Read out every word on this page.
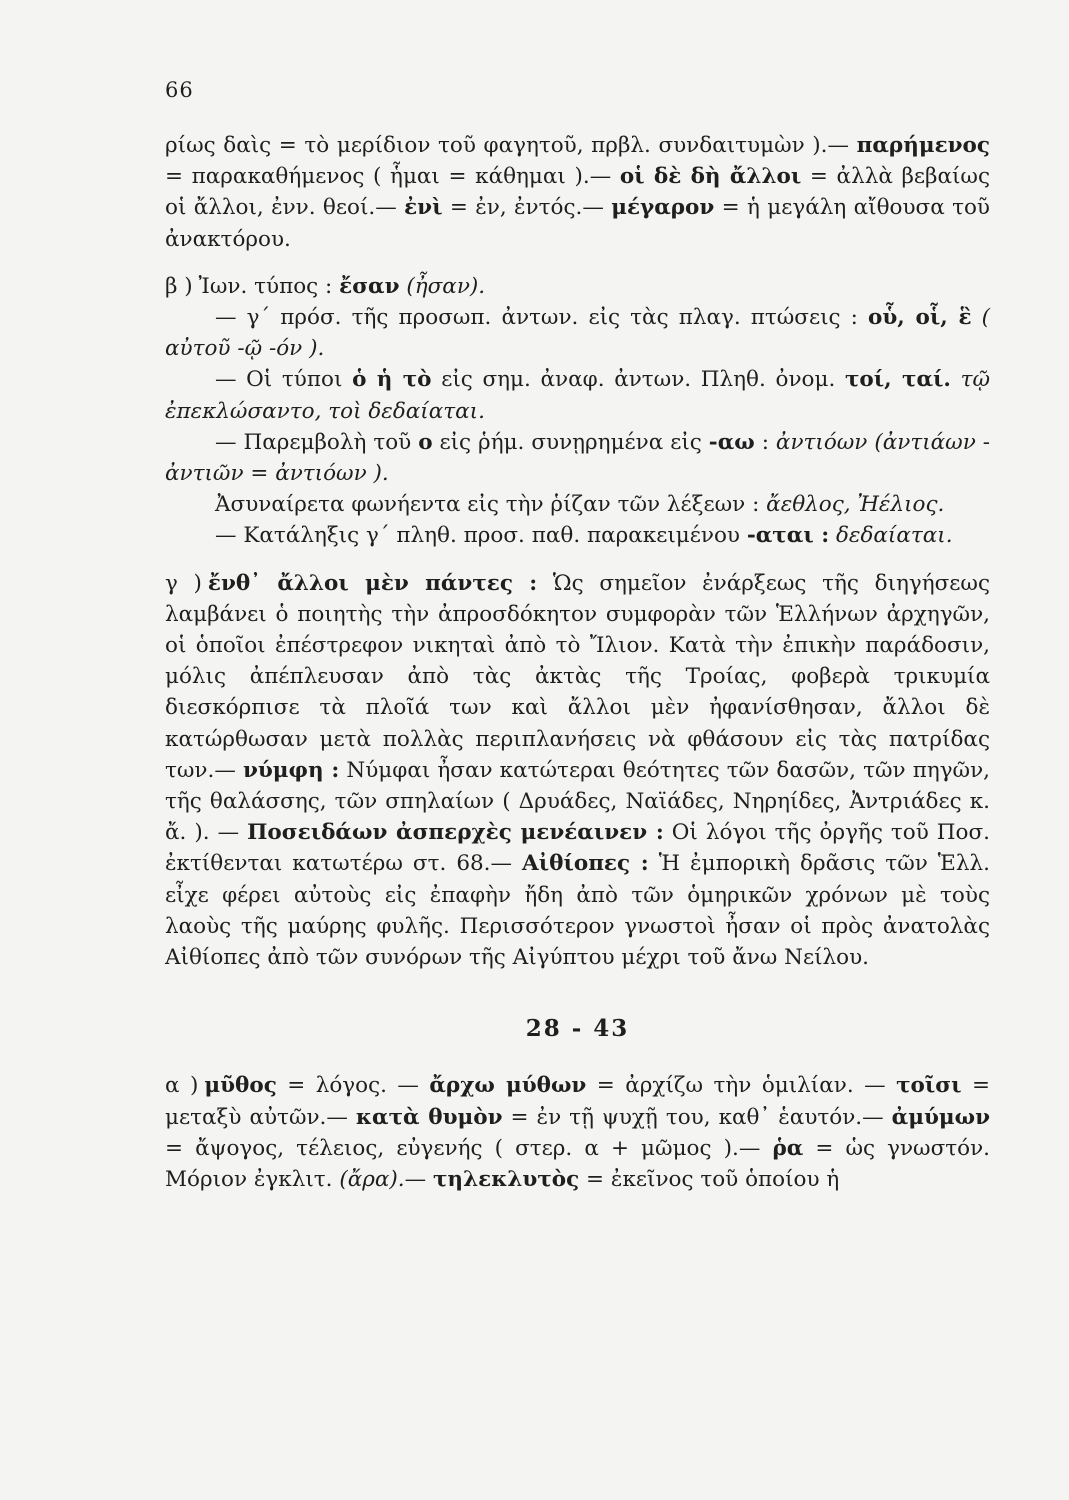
66

ρίως δαὶς = τὸ μερίδιον τοῦ φαγητοῦ, πρβλ. συνδαιτυμὼν ).— παρήμενος = παρακαθήμενος ( ἧμαι = κάθημαι ).— οἱ δὲ δὴ ἄλλοι = ἀλλὰ βεβαίως οἱ ἄλλοι, ἐνν. θεοί.— ἐνὶ = ἐν, ἐντός.— μέγαρον = ἡ μεγάλη αἴθουσα τοῦ ἀνακτόρου.

β ) Ἰων. τύπος : ἔσαν (ἦσαν).

— γ´ πρόσ. τῆς προσωπ. ἀντων. εἰς τὰς πλαγ. πτώσεις : οὗ, οἷ, ἓ ( αὐτοῦ -ῷ -όν ).

— Οἱ τύποι ὁ ἡ τὸ εἰς σημ. ἀναφ. ἀντων. Πληθ. ὀνομ. τοί, ταί. τῷ ἐπεκλώσαντο, τοὶ δεδαίαται.

— Παρεμβολὴ τοῦ ο εἰς ῥήμ. συνῃρημένα εἰς -αω : ἀντιόων (ἀντιάων - ἀντιῶν = ἀντιόων ).

Ἀσυναίρετα φωνήεντα εἰς τὴν ῥίζαν τῶν λέξεων : ἄεθλος, Ἠέλιος.

— Κατάληξις γ´ πληθ. προσ. παθ. παρακειμένου -αται : δεδαίαται.

γ ) ἔνθ᾿ ἄλλοι μὲν πάντες : Ὡς σημεῖον ἐνάρξεως τῆς διηγήσεως λαμβάνει ὁ ποιητὴς τὴν ἀπροσδόκητον συμφορὰν τῶν Ἑλλήνων ἀρχηγῶν, οἱ ὁποῖοι ἐπέστρεφον νικηταὶ ἀπὸ τὸ Ἴλιον. Κατὰ τὴν ἐπικὴν παράδοσιν, μόλις ἀπέπλευσαν ἀπὸ τὰς ἀκτὰς τῆς Τροίας, φοβερὰ τρικυμία διεσκόρπισε τὰ πλοῖά των καὶ ἄλλοι μὲν ἠφανίσθησαν, ἄλλοι δὲ κατώρθωσαν μετὰ πολλὰς περιπλανήσεις νὰ φθάσουν εἰς τὰς πατρίδας των.— νύμφη : Νύμφαι ἦσαν κατώτεραι θεότητες τῶν δασῶν, τῶν πηγῶν, τῆς θαλάσσης, τῶν σπηλαίων ( Δρυάδες, Ναϊάδες, Νηρηίδες, Ἀντριάδες κ. ἄ. ). — Ποσειδάων ἀσπερχὲς μενέαινεν : Οἱ λόγοι τῆς ὀργῆς τοῦ Ποσ. ἐκτίθενται κατωτέρω στ. 68.— Αἰθίοπες : Ἡ ἐμπορικὴ δρᾶσις τῶν Ἑλλ. εἶχε φέρει αὐτοὺς εἰς ἐπαφὴν ἤδη ἀπὸ τῶν ὁμηρικῶν χρόνων μὲ τοὺς λαοὺς τῆς μαύρης φυλῆς. Περισσότερον γνωστοὶ ἦσαν οἱ πρὸς ἀνατολὰς Αἰθίοπες ἀπὸ τῶν συνόρων τῆς Αἰγύπτου μέχρι τοῦ ἄνω Νείλου.

28 - 43

α ) μῦθος = λόγος. — ἄρχω μύθων = ἀρχίζω τὴν ὁμιλίαν. — τοῖσι = μεταξὺ αὐτῶν.— κατὰ θυμὸν = ἐν τῇ ψυχῇ του, καθ᾿ ἑαυτόν.— ἀμύμων = ἄψογος, τέλειος, εὐγενής ( στερ. α + μῶμος ).— ῥα = ὡς γνωστόν. Μόριον ἐγκλιτ. (ἄρα).— τηλεκλυτὸς = ἐκεῖνος τοῦ ὁποίου ἡ
